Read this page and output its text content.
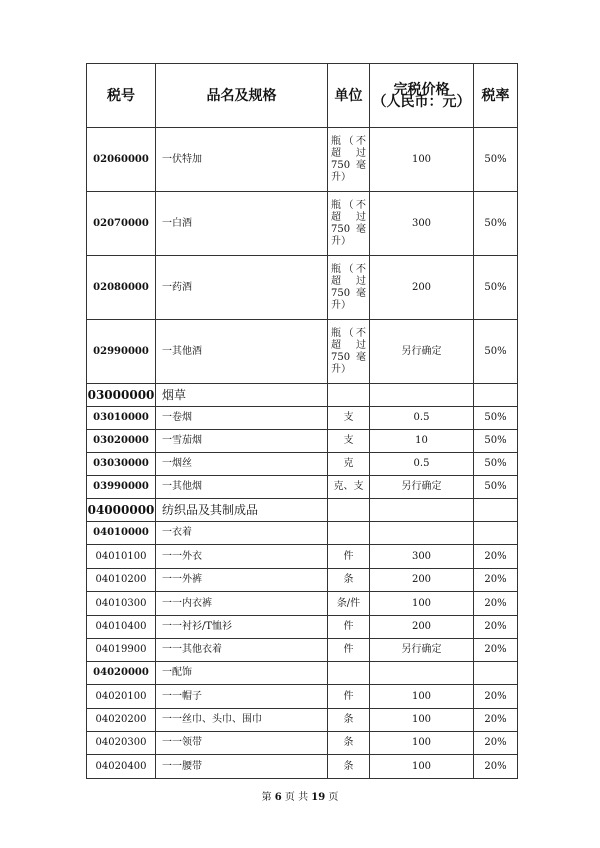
税号	品名及规格	单位	完税价格
（人民币：元）	税率
02060000	一伏特加	瓶（不
超 过
750 毫
升）	100	50%
02070000	一白酒	瓶（不
超 过
750 毫
升）	300	50%
02080000	一药酒	瓶（不
超 过
750 毫
升）	200	50%
02990000	一其他酒	瓶（不
超 过
750 毫
升）	另行确定	50%
03000000	烟草			
03010000	一卷烟	支	0.5	50%
03020000	一雪茄烟	支	10	50%
03030000	一烟丝	克	0.5	50%
03990000	一其他烟	克、支	另行确定	50%
04000000	纺织品及其制成品			
04010000	一衣着			
04010100	一一外衣	件	300	20%
04010200	一一外裤	条	200	20%
04010300	一一内衣裤	条/件	100	20%
04010400	一一衬衫/T恤衫	件	200	20%
04019900	一一其他衣着	件	另行确定	20%
04020000	一配饰			
04020100	一一帽子	件	100	20%
04020200	一一丝巾、头巾、围巾	条	100	20%
04020300	一一领带	条	100	20%
04020400	一一腰带	条	100	20%
第 6 页 共 19 页
